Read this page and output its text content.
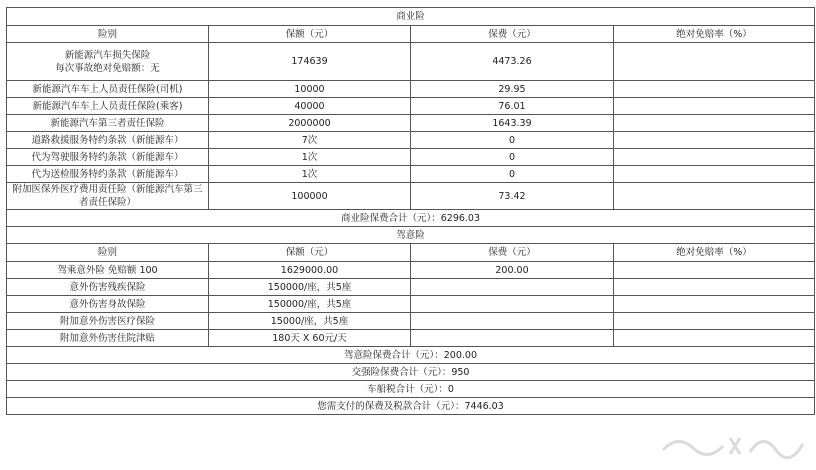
商业险			
险别	保额（元）	保费（元）	绝对免赔率（%）

新能源汽车损失保险
每次事故绝对免赔额：无	174639	4473.26	
新能源汽车车上人员责任保险(司机)	10000	29.95	
新能源汽车车上人员责任保险(乘客)	40000	76.01	
新能源汽车第三者责任保险	2000000	1643.39	
道路救援服务特约条款（新能源车）	7次	0	
代为驾驶服务特约条款（新能源车）	1次	0	
代为送检服务特约条款（新能源车）	1次	0	
附加医保外医疗费用责任险（新能源汽车第三者责任保险）	100000	73.42	
商业险保费合计（元）：6296.03			
驾意险			
险别	保额（元）	保费（元）	绝对免赔率（%）
驾乘意外险 免赔额 100	1629000.00	200.00	
意外伤害残疾保险	150000/座，共5座		
意外伤害身故保险	150000/座，共5座		
附加意外伤害医疗保险	15000/座，共5座		
附加意外伤害住院津贴	180天 X 60元/天		
驾意险保费合计（元）：200.00			
交强险保费合计（元）：950			
车船税合计（元）：0			
您需支付的保费及税款合计（元）：7446.03			
